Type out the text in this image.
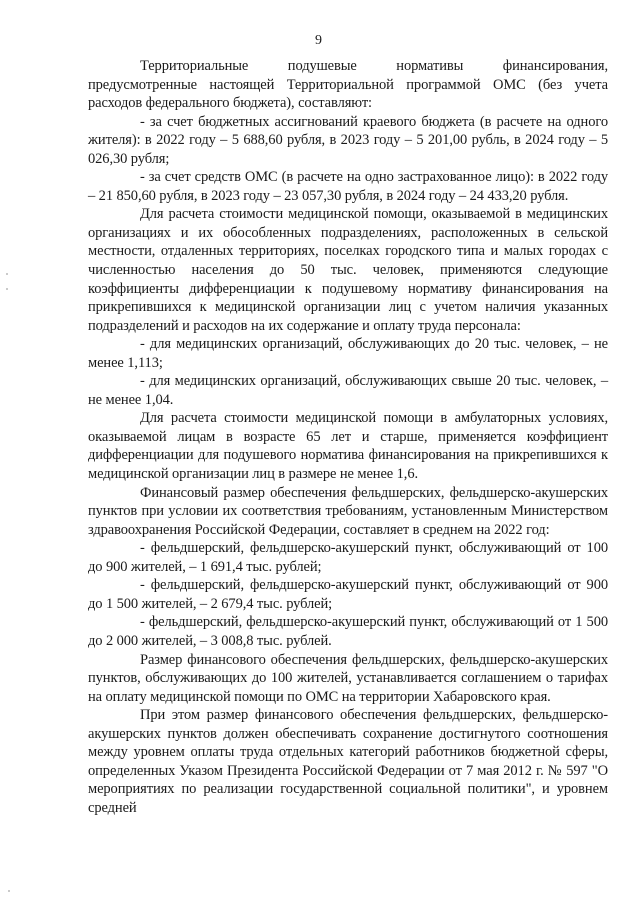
9

Территориальные подушевые нормативы финансирования, предусмотренные настоящей Территориальной программой ОМС (без учета расходов федерального бюджета), составляют:

- за счет бюджетных ассигнований краевого бюджета (в расчете на одного жителя): в 2022 году – 5 688,60 рубля, в 2023 году – 5 201,00 рубль, в 2024 году – 5 026,30 рубля;

- за счет средств ОМС (в расчете на одно застрахованное лицо): в 2022 году – 21 850,60 рубля, в 2023 году – 23 057,30 рубля, в 2024 году – 24 433,20 рубля.

Для расчета стоимости медицинской помощи, оказываемой в медицинских организациях и их обособленных подразделениях, расположенных в сельской местности, отдаленных территориях, поселках городского типа и малых городах с численностью населения до 50 тыс. человек, применяются следующие коэффициенты дифференциации к подушевому нормативу финансирования на прикрепившихся к медицинской организации лиц с учетом наличия указанных подразделений и расходов на их содержание и оплату труда персонала:

- для медицинских организаций, обслуживающих до 20 тыс. человек, – не менее 1,113;

- для медицинских организаций, обслуживающих свыше 20 тыс. человек, – не менее 1,04.

Для расчета стоимости медицинской помощи в амбулаторных условиях, оказываемой лицам в возрасте 65 лет и старше, применяется коэффициент дифференциации для подушевого норматива финансирования на прикрепившихся к медицинской организации лиц в размере не менее 1,6.

Финансовый размер обеспечения фельдшерских, фельдшерско-акушерских пунктов при условии их соответствия требованиям, установленным Министерством здравоохранения Российской Федерации, составляет в среднем на 2022 год:

- фельдшерский, фельдшерско-акушерский пункт, обслуживающий от 100 до 900 жителей, – 1 691,4 тыс. рублей;

- фельдшерский, фельдшерско-акушерский пункт, обслуживающий от 900 до 1 500 жителей, – 2 679,4 тыс. рублей;

- фельдшерский, фельдшерско-акушерский пункт, обслуживающий от 1 500 до 2 000 жителей, – 3 008,8 тыс. рублей.

Размер финансового обеспечения фельдшерских, фельдшерско-акушерских пунктов, обслуживающих до 100 жителей, устанавливается соглашением о тарифах на оплату медицинской помощи по ОМС на территории Хабаровского края.

При этом размер финансового обеспечения фельдшерских, фельдшерско-акушерских пунктов должен обеспечивать сохранение достигнутого соотношения между уровнем оплаты труда отдельных категорий работников бюджетной сферы, определенных Указом Президента Российской Федерации от 7 мая 2012 г. № 597 "О мероприятиях по реализации государственной социальной политики", и уровнем средней
